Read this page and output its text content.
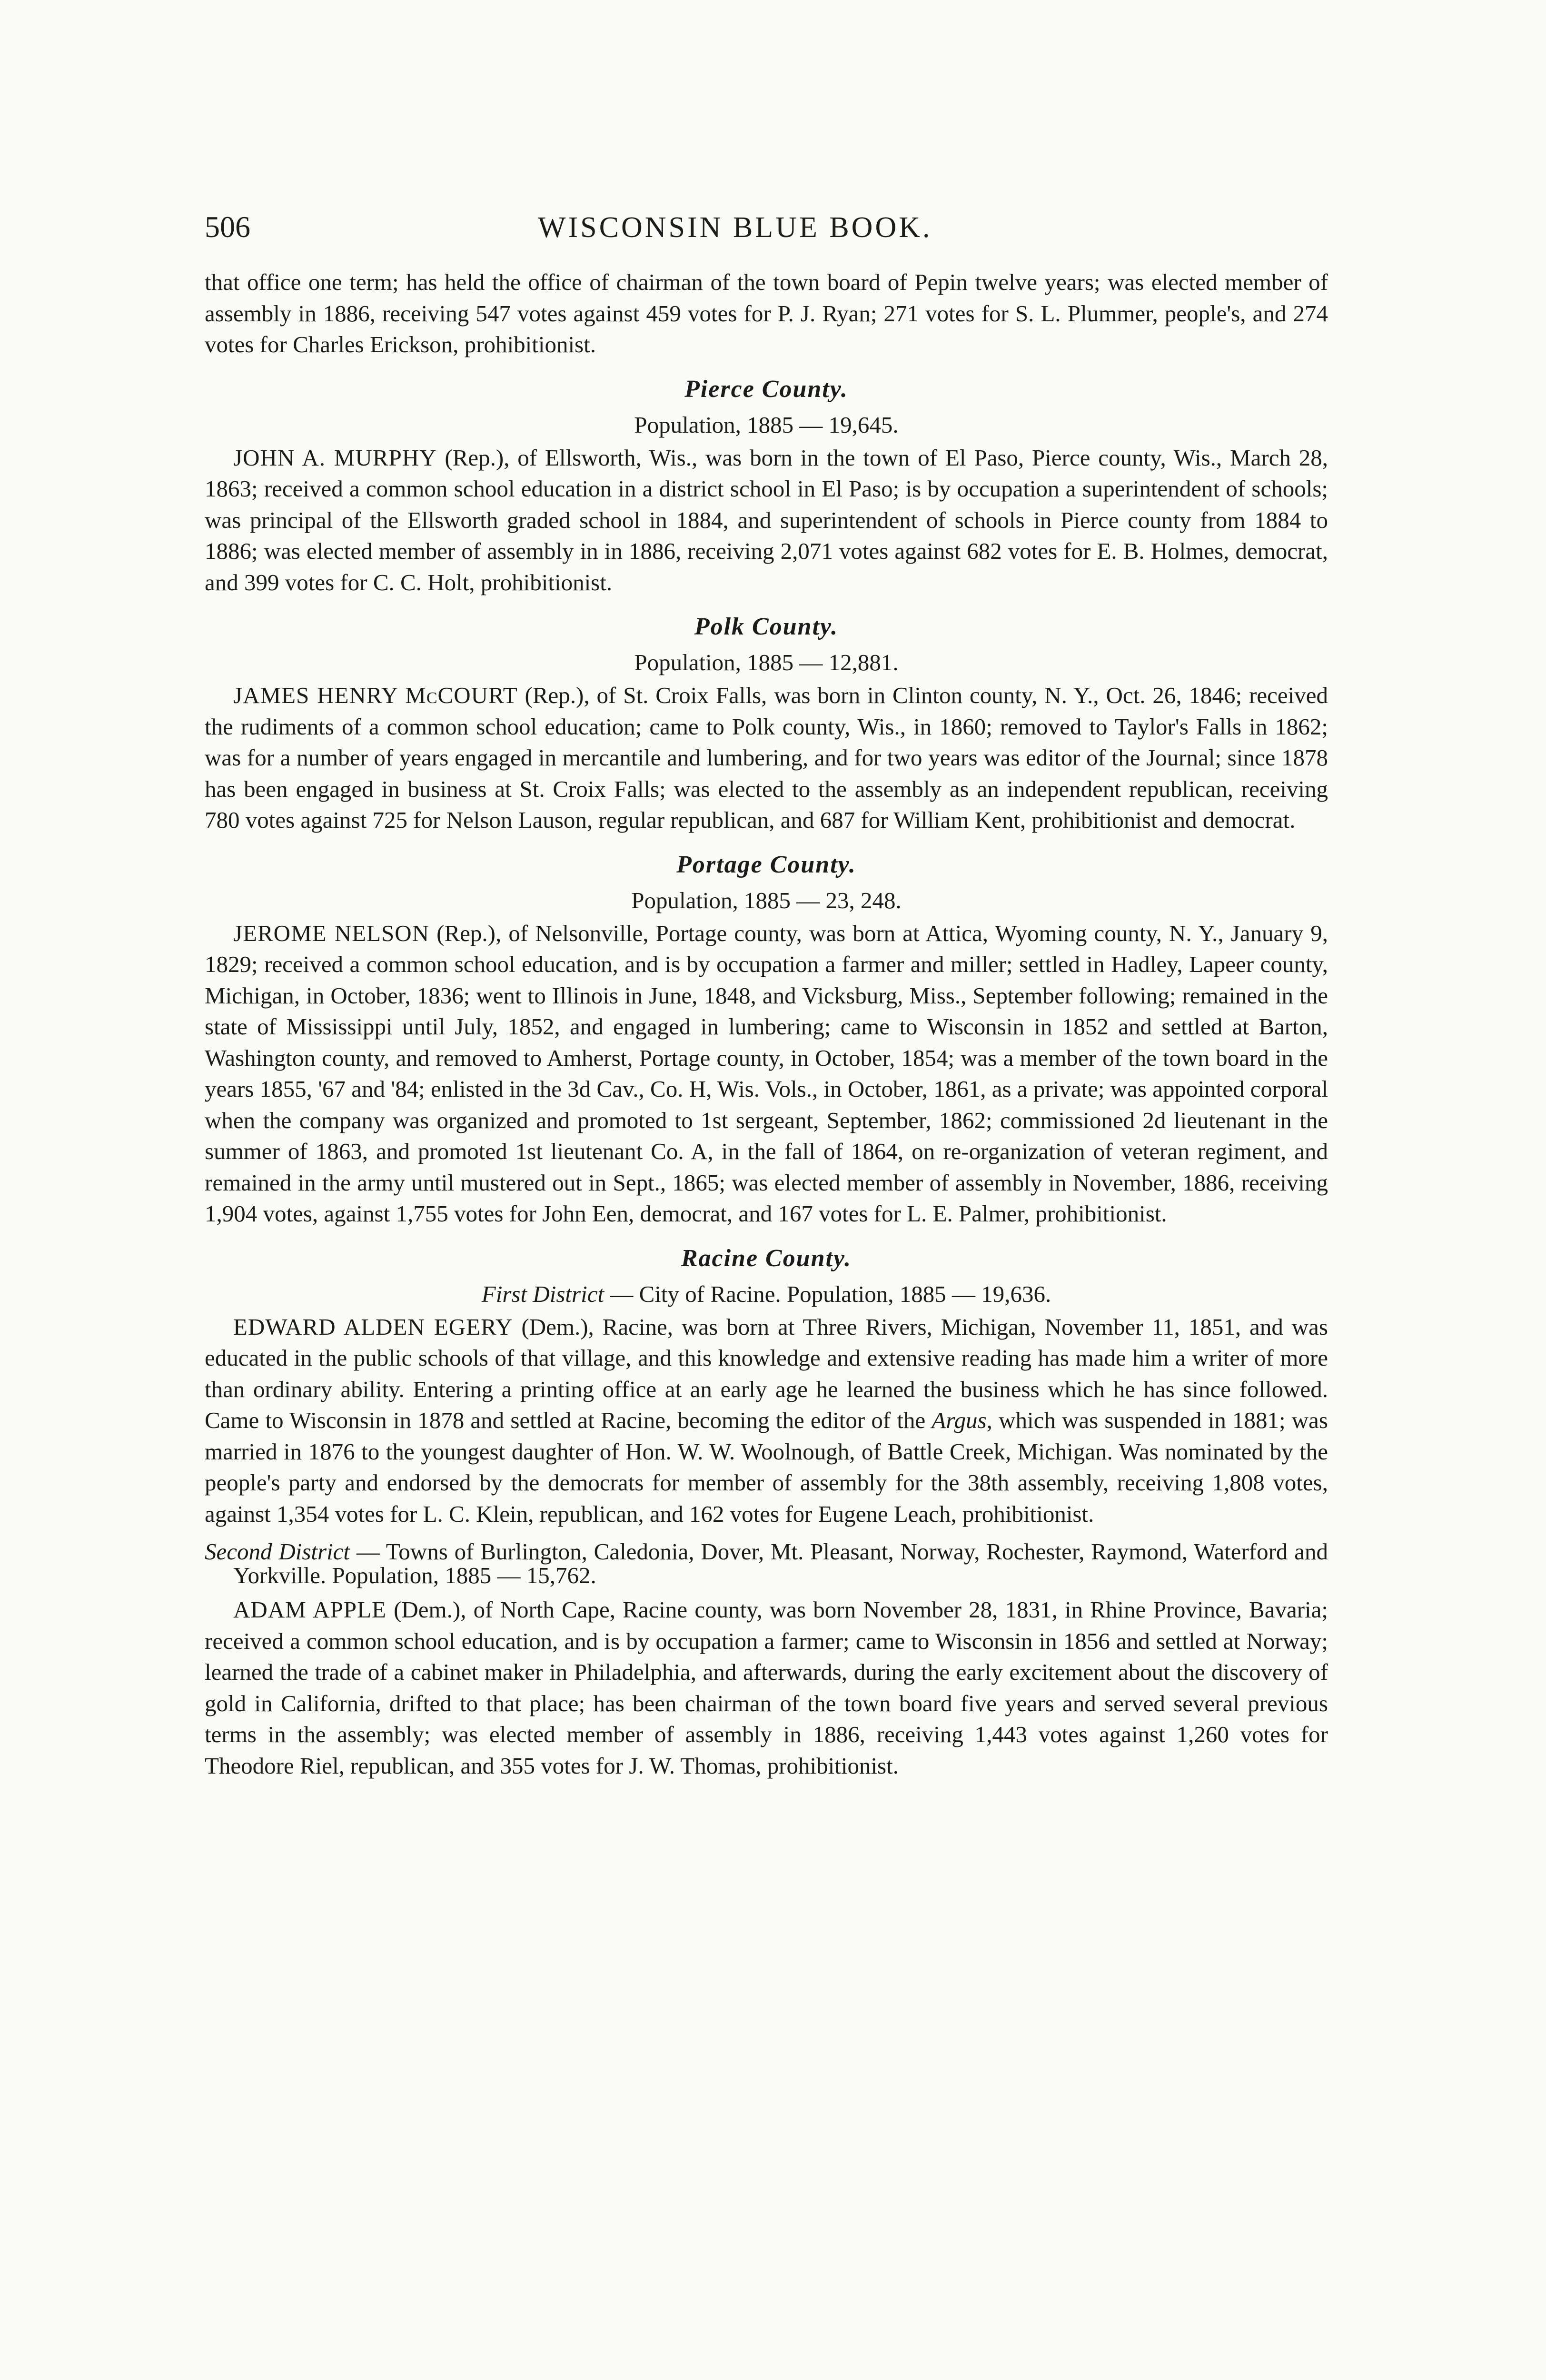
506	WISCONSIN BLUE BOOK.

that office one term; has held the office of chairman of the town board of Pepin twelve years; was elected member of assembly in 1886, receiving 547 votes against 459 votes for P. J. Ryan; 271 votes for S. L. Plummer, people's, and 274 votes for Charles Erickson, prohibitionist.

Pierce County.
Population, 1885 — 19,645.

JOHN A. MURPHY (Rep.), of Ellsworth, Wis., was born in the town of El Paso, Pierce county, Wis., March 28, 1863; received a common school education in a district school in El Paso; is by occupation a superintendent of schools; was principal of the Ellsworth graded school in 1884, and superintendent of schools in Pierce county from 1884 to 1886; was elected member of assembly in in 1886, receiving 2,071 votes against 682 votes for E. B. Holmes, democrat, and 399 votes for C. C. Holt, prohibitionist.

Polk County.
Population, 1885 — 12,881.

JAMES HENRY McCOURT (Rep.), of St. Croix Falls, was born in Clinton county, N. Y., Oct. 26, 1846; received the rudiments of a common school education; came to Polk county, Wis., in 1860; removed to Taylor's Falls in 1862; was for a number of years engaged in mercantile and lumbering, and for two years was editor of the Journal; since 1878 has been engaged in business at St. Croix Falls; was elected to the assembly as an independent republican, receiving 780 votes against 725 for Nelson Lauson, regular republican, and 687 for William Kent, prohibitionist and democrat.

Portage County.
Population, 1885 — 23, 248.

JEROME NELSON (Rep.), of Nelsonville, Portage county, was born at Attica, Wyoming county, N. Y., January 9, 1829; received a common school education, and is by occupation a farmer and miller; settled in Hadley, Lapeer county, Michigan, in October, 1836; went to Illinois in June, 1848, and Vicksburg, Miss., September following; remained in the state of Mississippi until July, 1852, and engaged in lumbering; came to Wisconsin in 1852 and settled at Barton, Washington county, and removed to Amherst, Portage county, in October, 1854; was a member of the town board in the years 1855, '67 and '84; enlisted in the 3d Cav., Co. H, Wis. Vols., in October, 1861, as a private; was appointed corporal when the company was organized and promoted to 1st sergeant, September, 1862; commissioned 2d lieutenant in the summer of 1863, and promoted 1st lieutenant Co. A, in the fall of 1864, on re-organization of veteran regiment, and remained in the army until mustered out in Sept., 1865; was elected member of assembly in November, 1886, receiving 1,904 votes, against 1,755 votes for John Een, democrat, and 167 votes for L. E. Palmer, prohibitionist.

Racine County.
First District — City of Racine. Population, 1885 — 19,636.

EDWARD ALDEN EGERY (Dem.), Racine, was born at Three Rivers, Michigan, November 11, 1851, and was educated in the public schools of that village, and this knowledge and extensive reading has made him a writer of more than ordinary ability. Entering a printing office at an early age he learned the business which he has since followed. Came to Wisconsin in 1878 and settled at Racine, becoming the editor of the Argus, which was suspended in 1881; was married in 1876 to the youngest daughter of Hon. W. W. Woolnough, of Battle Creek, Michigan. Was nominated by the people's party and endorsed by the democrats for member of assembly for the 38th assembly, receiving 1,808 votes, against 1,354 votes for L. C. Klein, republican, and 162 votes for Eugene Leach, prohibitionist.

Second District — Towns of Burlington, Caledonia, Dover, Mt. Pleasant, Norway, Rochester, Raymond, Waterford and Yorkville. Population, 1885 — 15,762.

ADAM APPLE (Dem.), of North Cape, Racine county, was born November 28, 1831, in Rhine Province, Bavaria; received a common school education, and is by occupation a farmer; came to Wisconsin in 1856 and settled at Norway; learned the trade of a cabinet maker in Philadelphia, and afterwards, during the early excitement about the discovery of gold in California, drifted to that place; has been chairman of the town board five years and served several previous terms in the assembly; was elected member of assembly in 1886, receiving 1,443 votes against 1,260 votes for Theodore Riel, republican, and 355 votes for J. W. Thomas, prohibitionist.
